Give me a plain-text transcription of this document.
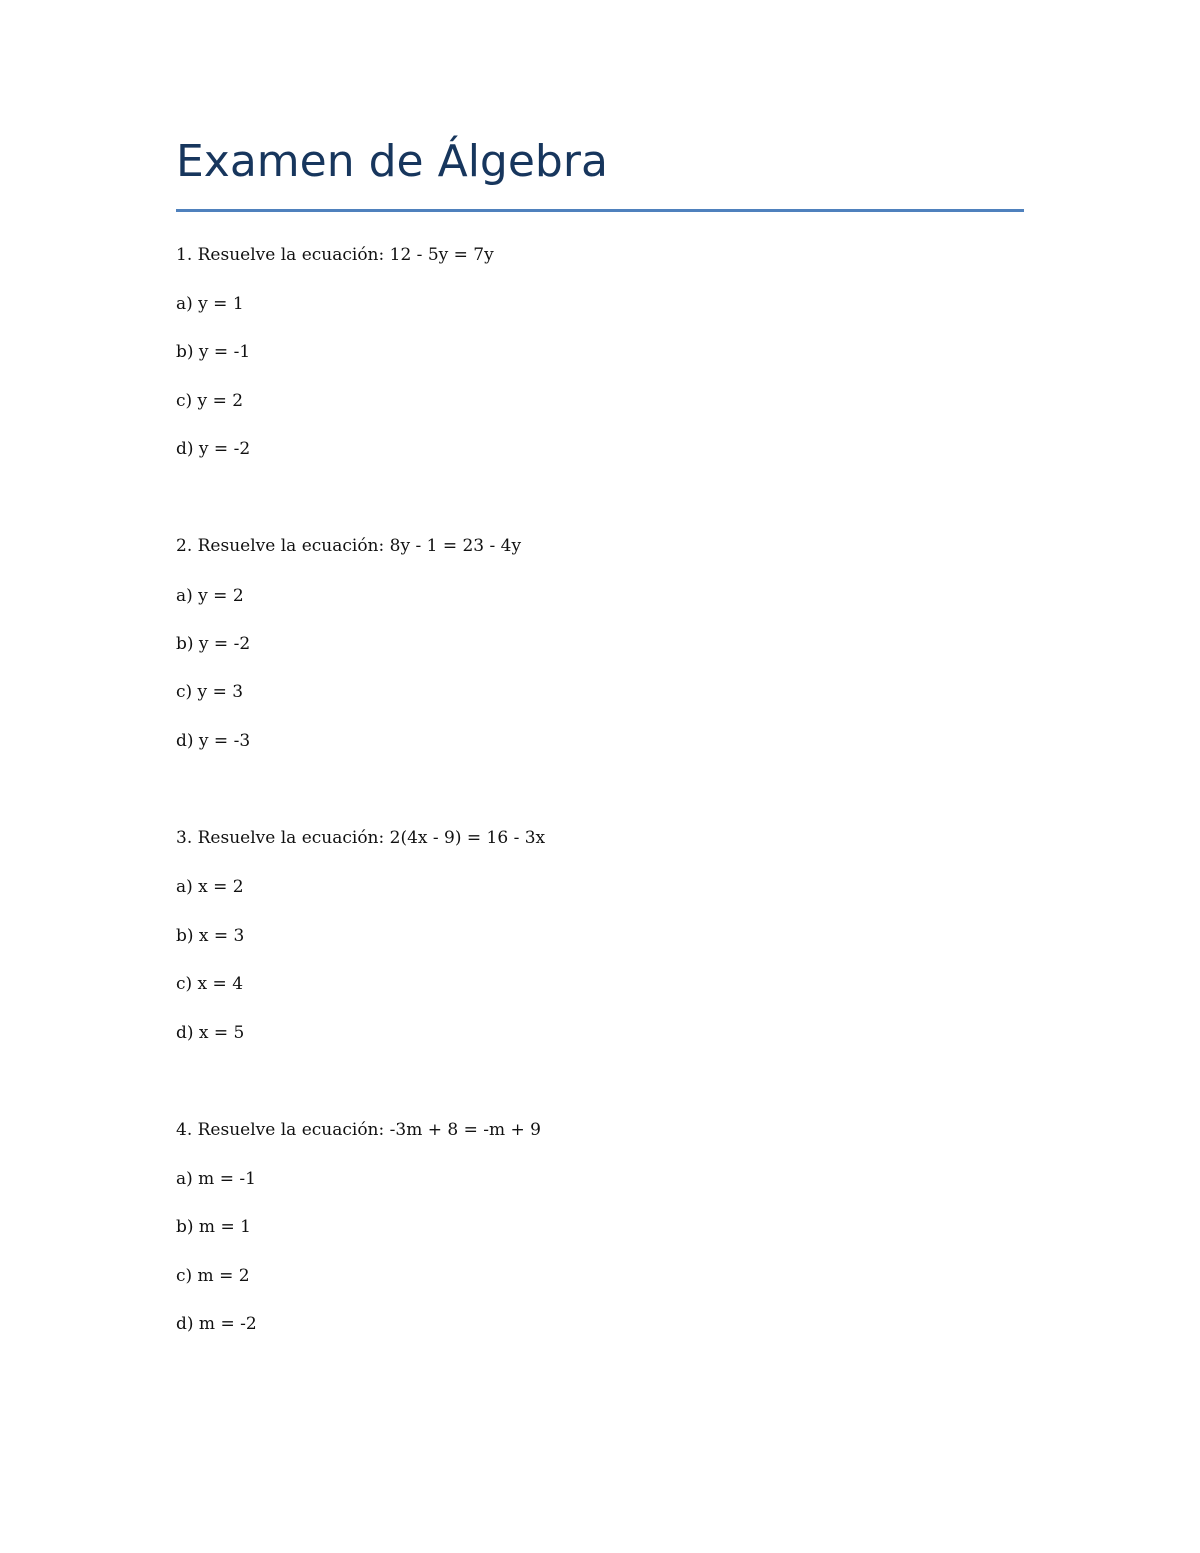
Examen de Álgebra
1. Resuelve la ecuación: 12 - 5y = 7y
a) y = 1
b) y = -1
c) y = 2
d) y = -2
2. Resuelve la ecuación: 8y - 1 = 23 - 4y
a) y = 2
b) y = -2
c) y = 3
d) y = -3
3. Resuelve la ecuación: 2(4x - 9) = 16 - 3x
a) x = 2
b) x = 3
c) x = 4
d) x = 5
4. Resuelve la ecuación: -3m + 8 = -m + 9
a) m = -1
b) m = 1
c) m = 2
d) m = -2
